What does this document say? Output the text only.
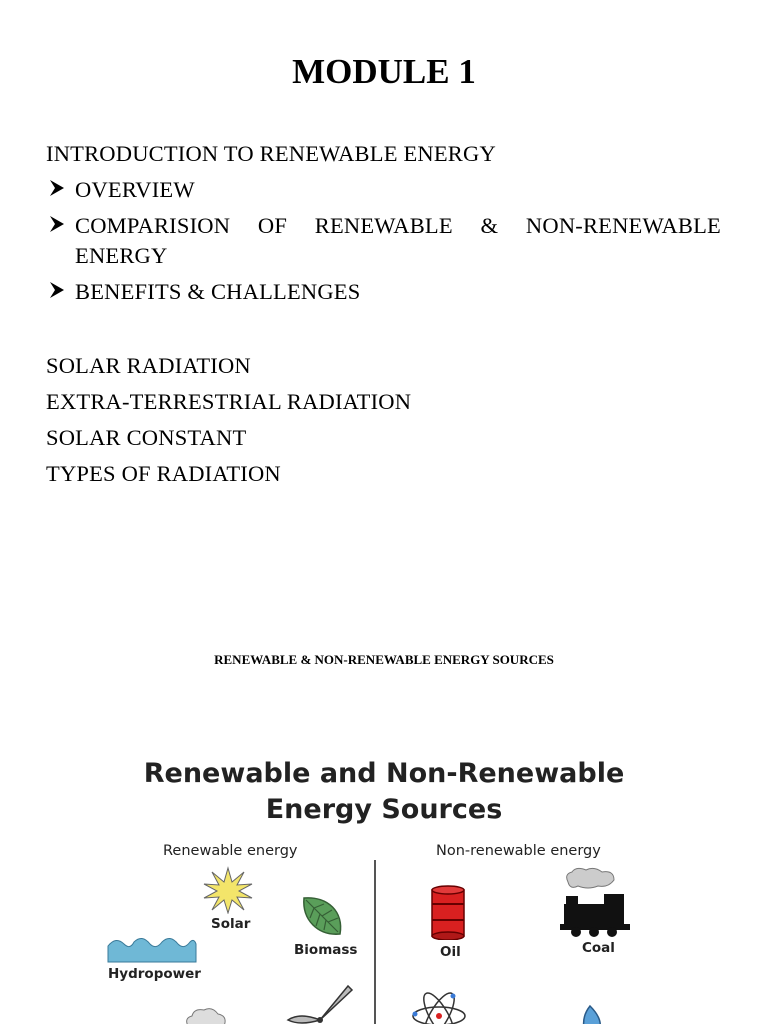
MODULE 1
INTRODUCTION TO RENEWABLE ENERGY
OVERVIEW
COMPARISION OF RENEWABLE & NON-RENEWABLE ENERGY
BENEFITS & CHALLENGES
SOLAR RADIATION
EXTRA-TERRESTRIAL RADIATION
SOLAR CONSTANT
TYPES OF RADIATION
RENEWABLE & NON-RENEWABLE ENERGY SOURCES
Renewable and Non-Renewable
Energy Sources
Renewable energy	Non-renewable energy
Solar
Biomass
Hydropower
Oil	Coal
